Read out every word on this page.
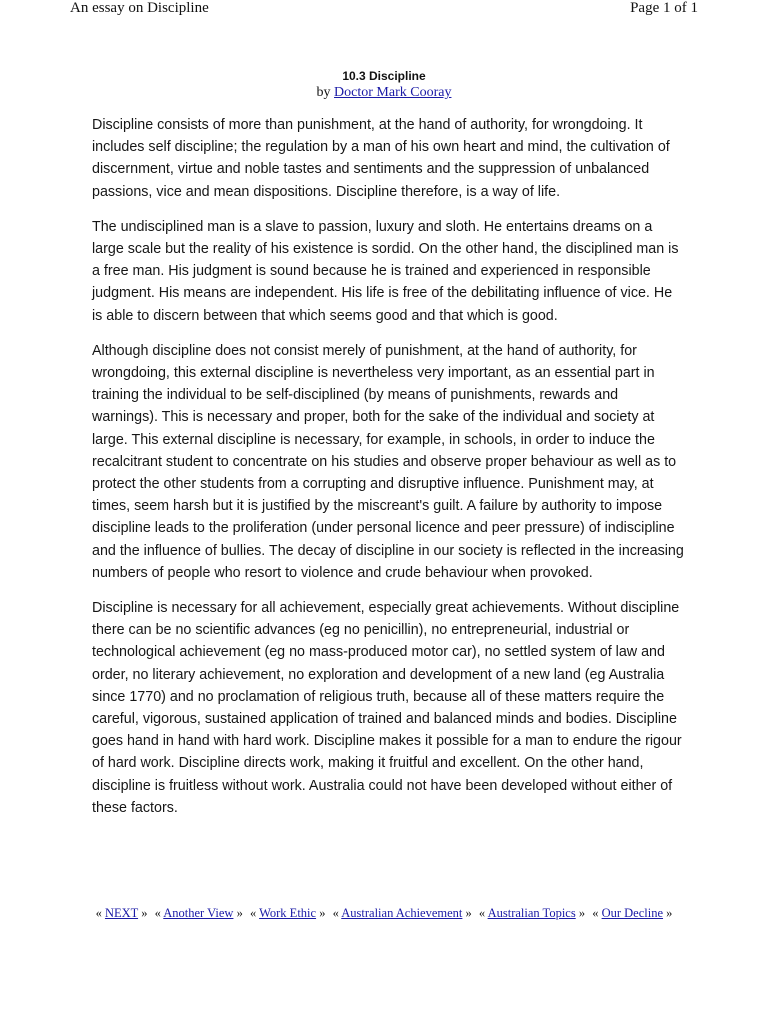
An essay on Discipline	Page 1 of 1
10.3 Discipline
by Doctor Mark Cooray

Discipline consists of more than punishment, at the hand of authority, for wrongdoing. It includes self discipline; the regulation by a man of his own heart and mind, the cultivation of discernment, virtue and noble tastes and sentiments and the suppression of unbalanced passions, vice and mean dispositions. Discipline therefore, is a way of life.

The undisciplined man is a slave to passion, luxury and sloth. He entertains dreams on a large scale but the reality of his existence is sordid. On the other hand, the disciplined man is a free man. His judgment is sound because he is trained and experienced in responsible judgment. His means are independent. His life is free of the debilitating influence of vice. He is able to discern between that which seems good and that which is good.

Although discipline does not consist merely of punishment, at the hand of authority, for wrongdoing, this external discipline is nevertheless very important, as an essential part in training the individual to be self-disciplined (by means of punishments, rewards and warnings). This is necessary and proper, both for the sake of the individual and society at large. This external discipline is necessary, for example, in schools, in order to induce the recalcitrant student to concentrate on his studies and observe proper behaviour as well as to protect the other students from a corrupting and disruptive influence. Punishment may, at times, seem harsh but it is justified by the miscreant's guilt. A failure by authority to impose discipline leads to the proliferation (under personal licence and peer pressure) of indiscipline and the influence of bullies. The decay of discipline in our society is reflected in the increasing numbers of people who resort to violence and crude behaviour when provoked.

Discipline is necessary for all achievement, especially great achievements. Without discipline there can be no scientific advances (eg no penicillin), no entrepreneurial, industrial or technological achievement (eg no mass-produced motor car), no settled system of law and order, no literary achievement, no exploration and development of a new land (eg Australia since 1770) and no proclamation of religious truth, because all of these matters require the careful, vigorous, sustained application of trained and balanced minds and bodies. Discipline goes hand in hand with hard work. Discipline makes it possible for a man to endure the rigour of hard work. Discipline directs work, making it fruitful and excellent. On the other hand, discipline is fruitless without work. Australia could not have been developed without either of these factors.

« NEXT » « Another View » « Work Ethic » « Australian Achievement » « Australian Topics » « Our Decline »
